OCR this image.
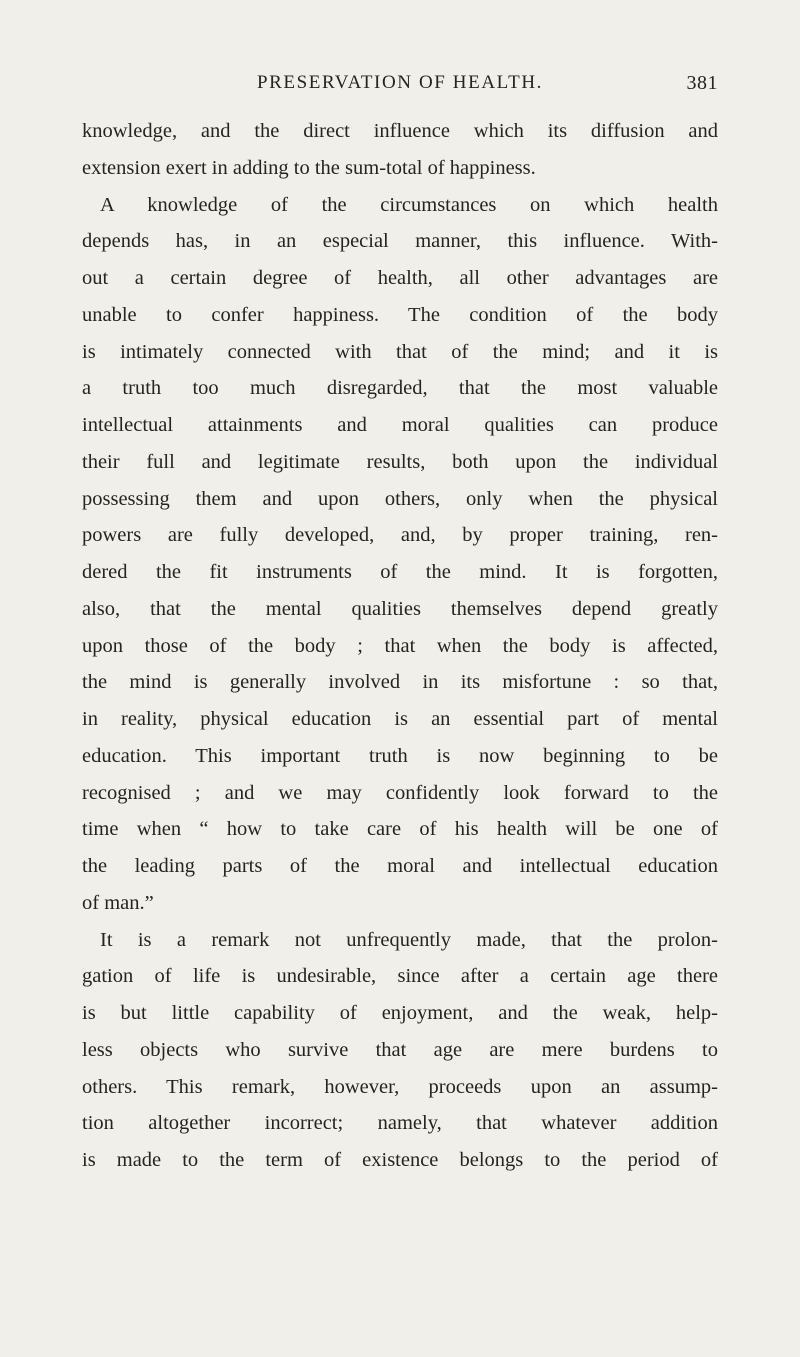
PRESERVATION OF HEALTH.	381
knowledge, and the direct influence which its diffusion and
extension exert in adding to the sum-total of happiness.
A knowledge of the circumstances on which health
depends has, in an especial manner, this influence. With-
out a certain degree of health, all other advantages are
unable to confer happiness. The condition of the body
is intimately connected with that of the mind; and it is
a truth too much disregarded, that the most valuable
intellectual attainments and moral qualities can produce
their full and legitimate results, both upon the individual
possessing them and upon others, only when the physical
powers are fully developed, and, by proper training, ren-
dered the fit instruments of the mind. It is forgotten,
also, that the mental qualities themselves depend greatly
upon those of the body ; that when the body is affected,
the mind is generally involved in its misfortune : so that,
in reality, physical education is an essential part of mental
education. This important truth is now beginning to be
recognised ; and we may confidently look forward to the
time when “ how to take care of his health will be one of
the leading parts of the moral and intellectual education
of man.”
It is a remark not unfrequently made, that the prolon-
gation of life is undesirable, since after a certain age there
is but little capability of enjoyment, and the weak, help-
less objects who survive that age are mere burdens to
others. This remark, however, proceeds upon an assump-
tion altogether incorrect; namely, that whatever addition
is made to the term of existence belongs to the period of
